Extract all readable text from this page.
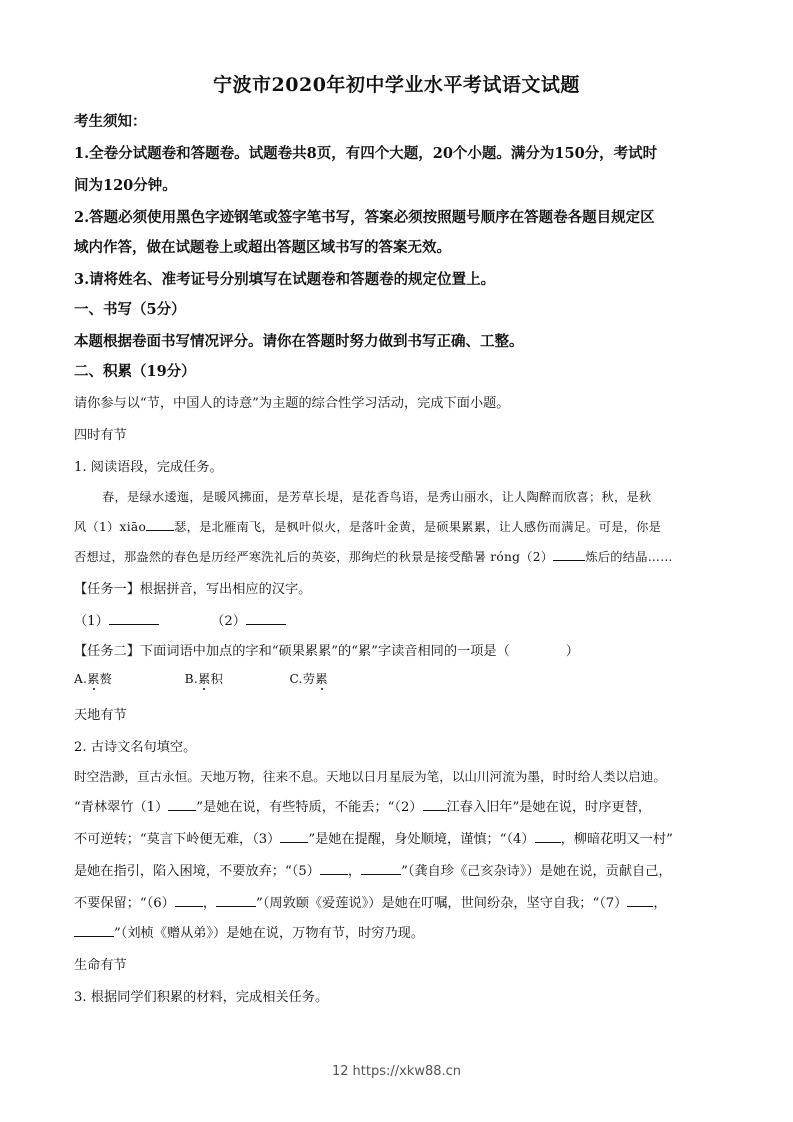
宁波市2020年初中学业水平考试语文试题
考生须知：
1.全卷分试题卷和答题卷。试题卷共8页，有四个大题，20个小题。满分为150分，考试时
间为120分钟。
2.答题必须使用黑色字迹钢笔或签字笔书写，答案必须按照题号顺序在答题卷各题目规定区
域内作答，做在试题卷上或超出答题区域书写的答案无效。
3.请将姓名、准考证号分别填写在试题卷和答题卷的规定位置上。
一、书写（5分）
本题根据卷面书写情况评分。请你在答题时努力做到书写正确、工整。
二、积累（19分）
请你参与以“节，中国人的诗意”为主题的综合性学习活动，完成下面小题。
四时有节
1. 阅读语段，完成任务。
春，是绿水逶迤，是暖风拂面，是芳草长堤，是花香鸟语，是秀山丽水，让人陶醉而欣喜；秋，是秋
风（1）xiāo 瑟，是北雁南飞，是枫叶似火，是落叶金黄，是硕果累累，让人感伤而满足。可是，你是
否想过，那盎然的春色是历经严寒洗礼后的英姿，那绚烂的秋景是接受酷暑 róng（2）	炼后的结晶……
【任务一】根据拼音，写出相应的汉字。
（1）	（2）
【任务二】下面词语中加点的字和“硕果累累”的“累”字读音相同的一项是（	）
A.累赘	B.累积	C.劳累
天地有节
2. 古诗文名句填空。
时空浩渺，亘古永恒。天地万物，往来不息。天地以日月星辰为笔，以山川河流为墨，时时给人类以启迪。
“青林翠竹（1） ”是她在说，有些特质，不能丢；“（2） 江春入旧年”是她在说，时序更替，
不可逆转；“莫言下岭便无难，（3） ”是她在提醒，身处顺境，谨慎；“（4） ，柳暗花明又一村”
是她在指引，陷入困境，不要放弃；“（5） ，	”（龚自珍《己亥杂诗》）是她在说，贡献自己，
不要保留；“（6） ，	”（周敦颐《爱莲说》）是她在叮嘱，世间纷杂，坚守自我；“（7） ，
”（刘桢《赠从弟》）是她在说，万物有节，时穷乃现。
生命有节
3. 根据同学们积累的材料，完成相关任务。
12 https://xkw88.cn
